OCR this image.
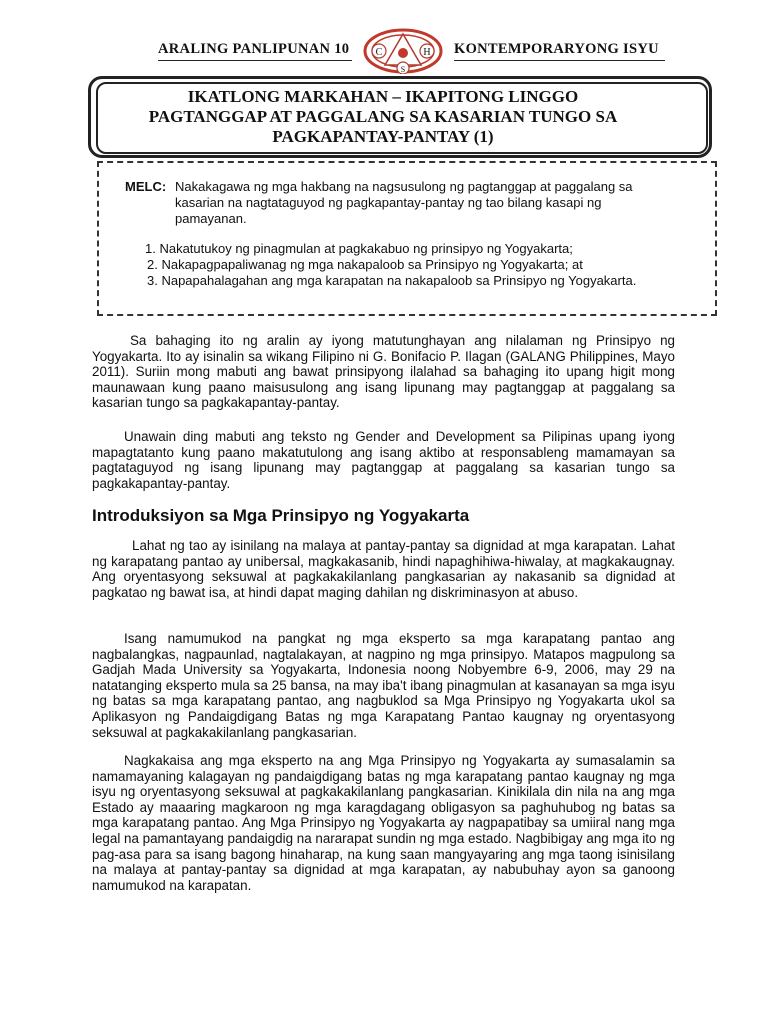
ARALING PANLIPUNAN 10	C	H
S
KONTEMPORARYONG ISYU
IKATLONG MARKAHAN – IKAPITONG LINGGO
PAGTANGGAP AT PAGGALANG SA KASARIAN TUNGO SA
PAGKAPANTAY-PANTAY (1)
MELC: Nakakagawa ng mga hakbang na nagsusulong ng pagtanggap at paggalang sa kasarian na nagtataguyod ng pagkapantay-pantay ng tao bilang kasapi ng pamayanan.
1. Nakatutukoy ng pinagmulan at pagkakabuo ng prinsipyo ng Yogyakarta;
2. Nakapagpapaliwanag ng mga nakapaloob sa Prinsipyo ng Yogyakarta; at
3. Napapahalagahan ang mga karapatan na nakapaloob sa Prinsipyo ng Yogyakarta.
Sa bahaging ito ng aralin ay iyong matutunghayan ang nilalaman ng Prinsipyo ng Yogyakarta. Ito ay isinalin sa wikang Filipino ni G. Bonifacio P. Ilagan (GALANG Philippines, Mayo 2011). Suriin mong mabuti ang bawat prinsipyong ilalahad sa bahaging ito upang higit mong maunawaan kung paano maisusulong ang isang lipunang may pagtanggap at paggalang sa kasarian tungo sa pagkakapantay-pantay.
Unawain ding mabuti ang teksto ng Gender and Development sa Pilipinas upang iyong mapagtatanto kung paano makatutulong ang isang aktibo at responsableng mamamayan sa pagtataguyod ng isang lipunang may pagtanggap at paggalang sa kasarian tungo sa pagkakapantay-pantay.
Introduksiyon sa Mga Prinsipyo ng Yogyakarta
Lahat ng tao ay isinilang na malaya at pantay-pantay sa dignidad at mga karapatan. Lahat ng karapatang pantao ay unibersal, magkakasanib, hindi napaghihiwa-hiwalay, at magkakaugnay. Ang oryentasyong seksuwal at pagkakakilanlang pangkasarian ay nakasanib sa dignidad at pagkatao ng bawat isa, at hindi dapat maging dahilan ng diskriminasyon at abuso.
Isang namumukod na pangkat ng mga eksperto sa mga karapatang pantao ang nagbalangkas, nagpaunlad, nagtalakayan, at nagpino ng mga prinsipyo. Matapos magpulong sa Gadjah Mada University sa Yogyakarta, Indonesia noong Nobyembre 6-9, 2006, may 29 na natatanging eksperto mula sa 25 bansa, na may iba't ibang pinagmulan at kasanayan sa mga isyu ng batas sa mga karapatang pantao, ang nagbuklod sa Mga Prinsipyo ng Yogyakarta ukol sa Aplikasyon ng Pandaigdigang Batas ng mga Karapatang Pantao kaugnay ng oryentasyong seksuwal at pagkakakilanlang pangkasarian.
Nagkakaisa ang mga eksperto na ang Mga Prinsipyo ng Yogyakarta ay sumasalamin sa namamayaning kalagayan ng pandaigdigang batas ng mga karapatang pantao kaugnay ng mga isyu ng oryentasyong seksuwal at pagkakakilanlang pangkasarian. Kinikilala din nila na ang mga Estado ay maaaring magkaroon ng mga karagdagang obligasyon sa paghuhubog ng batas sa mga karapatang pantao. Ang Mga Prinsipyo ng Yogyakarta ay nagpapatibay sa umiiral nang mga legal na pamantayang pandaigdig na nararapat sundin ng mga estado. Nagbibigay ang mga ito ng pag-asa para sa isang bagong hinaharap, na kung saan mangyayaring ang mga taong isinisilang na malaya at pantay-pantay sa dignidad at mga karapatan, ay nabubuhay ayon sa ganoong namumukod na karapatan.
